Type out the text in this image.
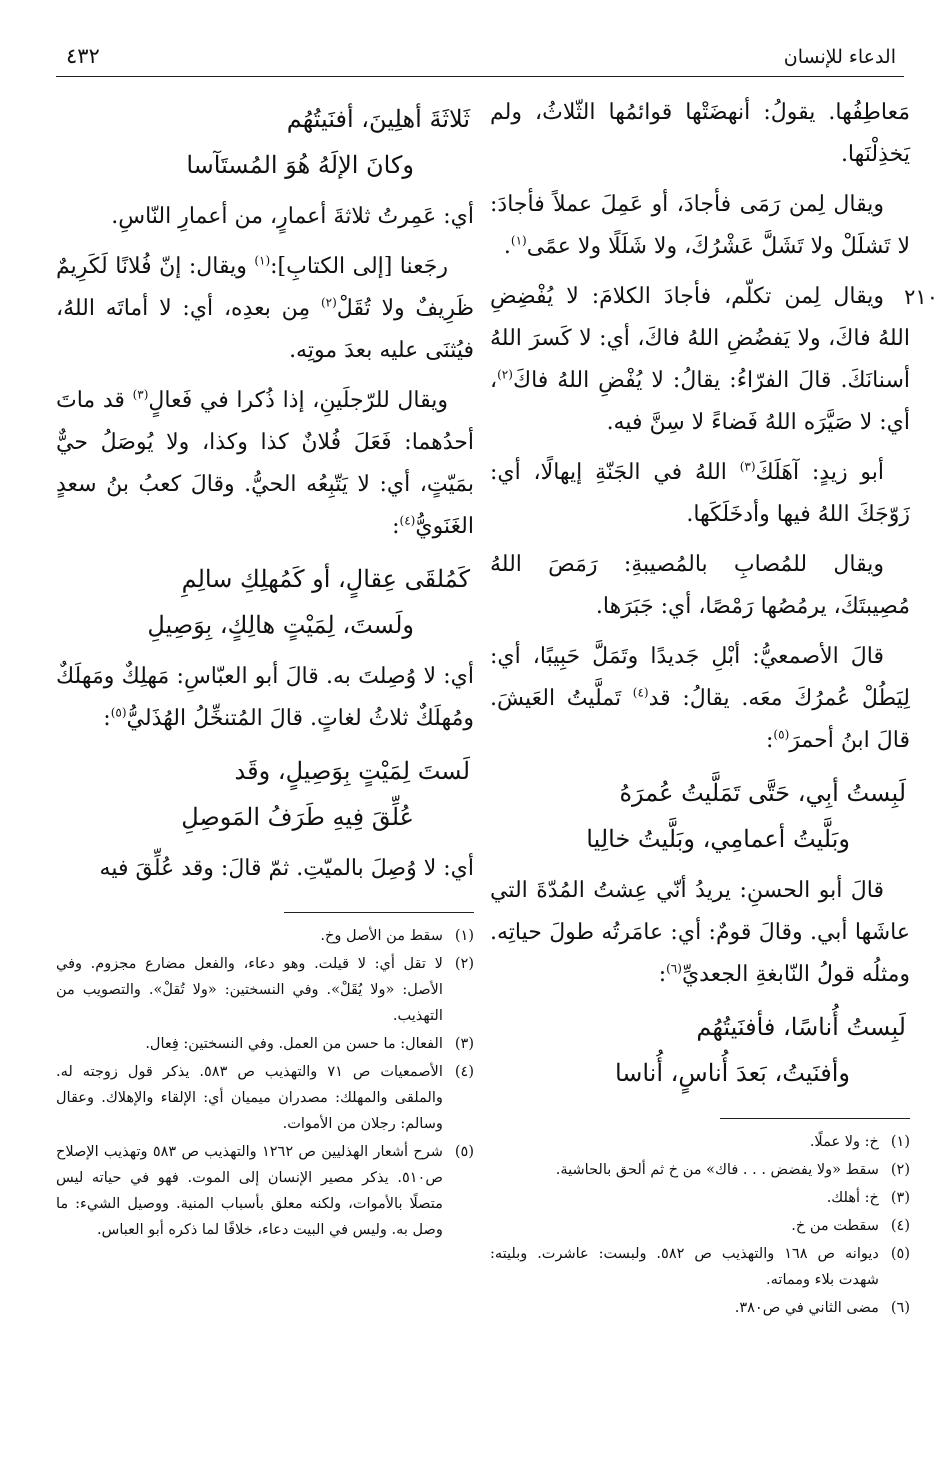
الدعاء للإنسان
٤٣٢

مَعاطِفُها. يقولُ: أنهضَتْها قوائمُها الثّلاثُ، ولم يَخذِلْنَها.

ويقال لِمن رَمَى فأجادَ، أو عَمِلَ عملاً فأجادَ: لا تَشلَلْ ولا تَشَلَّ عَشْرُكَ، ولا شَلَلًا ولا عمًى$^{(١)}$.

٢١٠

ويقال لِمن تكلّم، فأجادَ الكلامَ: لا يُفْضِضِ اللهُ فاكَ، ولا يَفضُضِ اللهُ فاكَ، أي: لا كَسرَ اللهُ أسنانَكَ. قالَ الفرّاءُ: يقالُ: لا يُفْضِ اللهُ فاكَ$^{(٢)}$، أي: لا صَيَّرَه اللهُ فَضاءً لا سِنَّ فيه.

أبو زيدٍ: آهَلَكَ$^{(٣)}$ اللهُ في الجَنّةِ إيهالًا، أي: زَوّجَكَ اللهُ فيها وأدخَلَكَها.

ويقال للمُصابِ بالمُصيبةِ: رَمَصَ اللهُ مُصِيبتَكَ، يرمُصُها رَمْصًا، أي: جَبَرَها.

قالَ الأصمعيُّ: أبْلِ جَديدًا وتَمَلَّ حَبِيبًا، أي: لِيَطُلْ عُمرُكَ معَه. يقالُ: قد$^{(٤)}$ تَملَّيتُ العَيشَ. قالَ ابنُ أحمرَ$^{(٥)}$:

لَبِستُ أبِي، حَتَّى تَمَلَّيتُ عُمرَهُ
وبَلَّيتُ أعمامِي، وبَلَّيتُ خالِيا

قالَ أبو الحسنِ: يريدُ أنّي عِشتُ المُدّةَ التي عاشَها أبي. وقالَ قومٌ: أي: عامَرتُه طولَ حياتِه. ومثلُه قولُ النّابغةِ الجعديِّ$^{(٦)}$:

لَبِستُ أُناسًا، فأفنَيتُهُم
وأفنَيتُ، بَعدَ أُناسٍ، أُناسا
(١)
خ: ولا عملًا.
(٢)
سقط «ولا يفضض . . . فاك» من خ ثم ألحق بالحاشية.
(٣)
خ: أهلك.
(٤)
سقطت من خ.
(٥)
ديوانه ص ١٦٨ والتهذيب ص ٥٨٢. ولبست: عاشرت. وبليته: شهدت بلاء ومماته.
(٦)
مضى الثاني في ص٣٨٠.
ثَلاثَةَ أهلِينَ، أفنَيتُهُم
وكانَ الإلَهُ هُوَ المُستَآسا

أي: عَمِرتُ ثلاثةَ أعمارٍ، من أعمارِ النّاسِ.

رجَعنا [إلى الكتابِ]:$^{(١)}$ ويقال: إنّ فُلانًا لَكَرِيمٌ ظَرِيفٌ ولا تُقَلْ$^{(٢)}$ مِن بعدِه، أي: لا أماتَه اللهُ، فيُثنَى عليه بعدَ موتِه.

ويقال للرّجلَينِ، إذا ذُكرا في فَعالٍ$^{(٣)}$ قد ماتَ أحدُهما: فَعَلَ فُلانٌ كذا وكذا، ولا يُوصَلُ حيٌّ بمَيّتٍ، أي: لا يَتّبِعُه الحيُّ. وقالَ كعبُ بنُ سعدٍ الغَنَويُّ$^{(٤)}$:

كَمُلقَى عِقالٍ، أو كَمُهلِكِ سالِمِ
ولَستَ، لِمَيْتٍ هالِكٍ، بِوَصِيلِ

أي: لا وُصِلتَ به. قالَ أبو العبّاسِ: مَهلِكٌ ومَهلَكٌ ومُهلَكٌ ثلاثُ لغاتٍ. قالَ المُتنخِّلُ الهُذَليُّ$^{(٥)}$:

لَستَ لِمَيْتٍ بِوَصِيلٍ، وقَد
عُلِّقَ فِيهِ طَرَفُ المَوصِلِ

أي: لا وُصِلَ بالميّتِ. ثمّ قالَ: وقد عُلِّقَ فيه

(١)
سقط من الأصل وخ.
(٢)
لا تقل أي: لا قيلت. وهو دعاء، والفعل مضارع مجزوم. وفي الأصل: «ولا يُقَلْ». وفي النسختين: «ولا تُقلْ». والتصويب من التهذيب.
(٣)
الفعال: ما حسن من العمل. وفي النسختين: فِعال.
(٤)
الأصمعيات ص ٧١ والتهذيب ص ٥٨٣. يذكر قول زوجته له. والملقى والمهلك: مصدران ميميان أي: الإلقاء والإهلاك. وعقال وسالم: رجلان من الأموات.
(٥)
شرح أشعار الهذليين ص ١٢٦٢ والتهذيب ص ٥٨٣ وتهذيب الإصلاح ص٥١٠. يذكر مصير الإنسان إلى الموت. فهو في حياته ليس متصلًا بالأموات، ولكنه معلق بأسباب المنية. ووصيل الشيء: ما وصل به. وليس في البيت دعاء، خلافًا لما ذكره أبو العباس.
